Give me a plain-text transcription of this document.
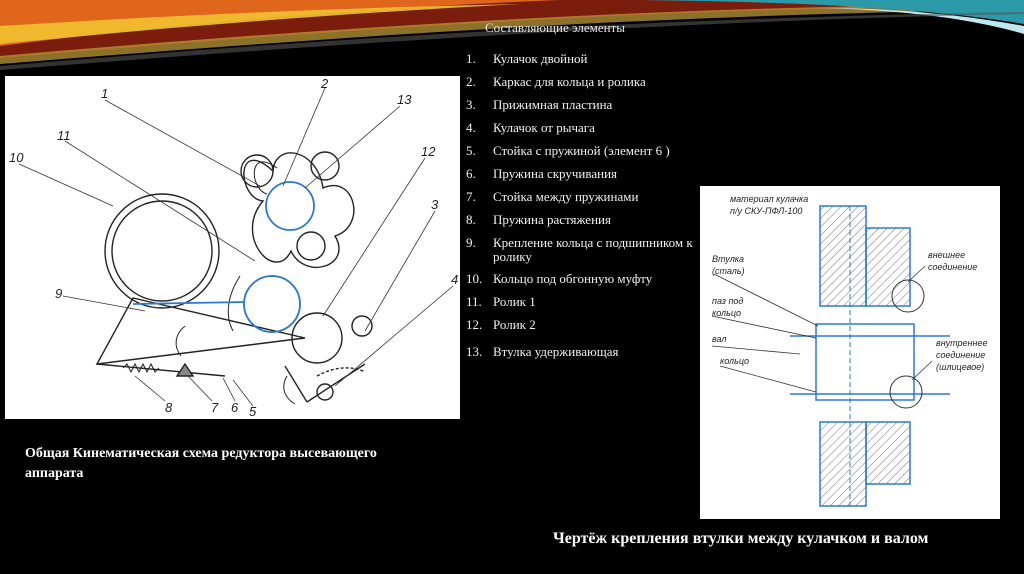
Составляющие элементы
1.	Кулачок двойной
2.	Каркас для кольца и ролика
3.	Прижимная пластина
4.	Кулачок от рычага
5.	Стойка с пружиной (элемент 6 )
6.	Пружина скручивания
7.	Стойка между пружинами
8.	Пружина растяжения
9.	Крепление кольца с подшипником к ролику
10. Кольцо под обгонную муфту
11. Ролик 1
12. Ролик 2
13. Втулка удерживающая
1
2
13
11
10	12
3
9
4
8	7 6 5
материал кулачка
п/у СКУ-ПФЛ-100
Втулка
(сталь)
паз под
кольцо
вал
кольцо
внешнее
соединение
внутреннее
соединение
(шлицевое)
Общая Кинематическая схема редуктора высевающего аппарата
Чертёж крепления втулки между кулачком и валом
